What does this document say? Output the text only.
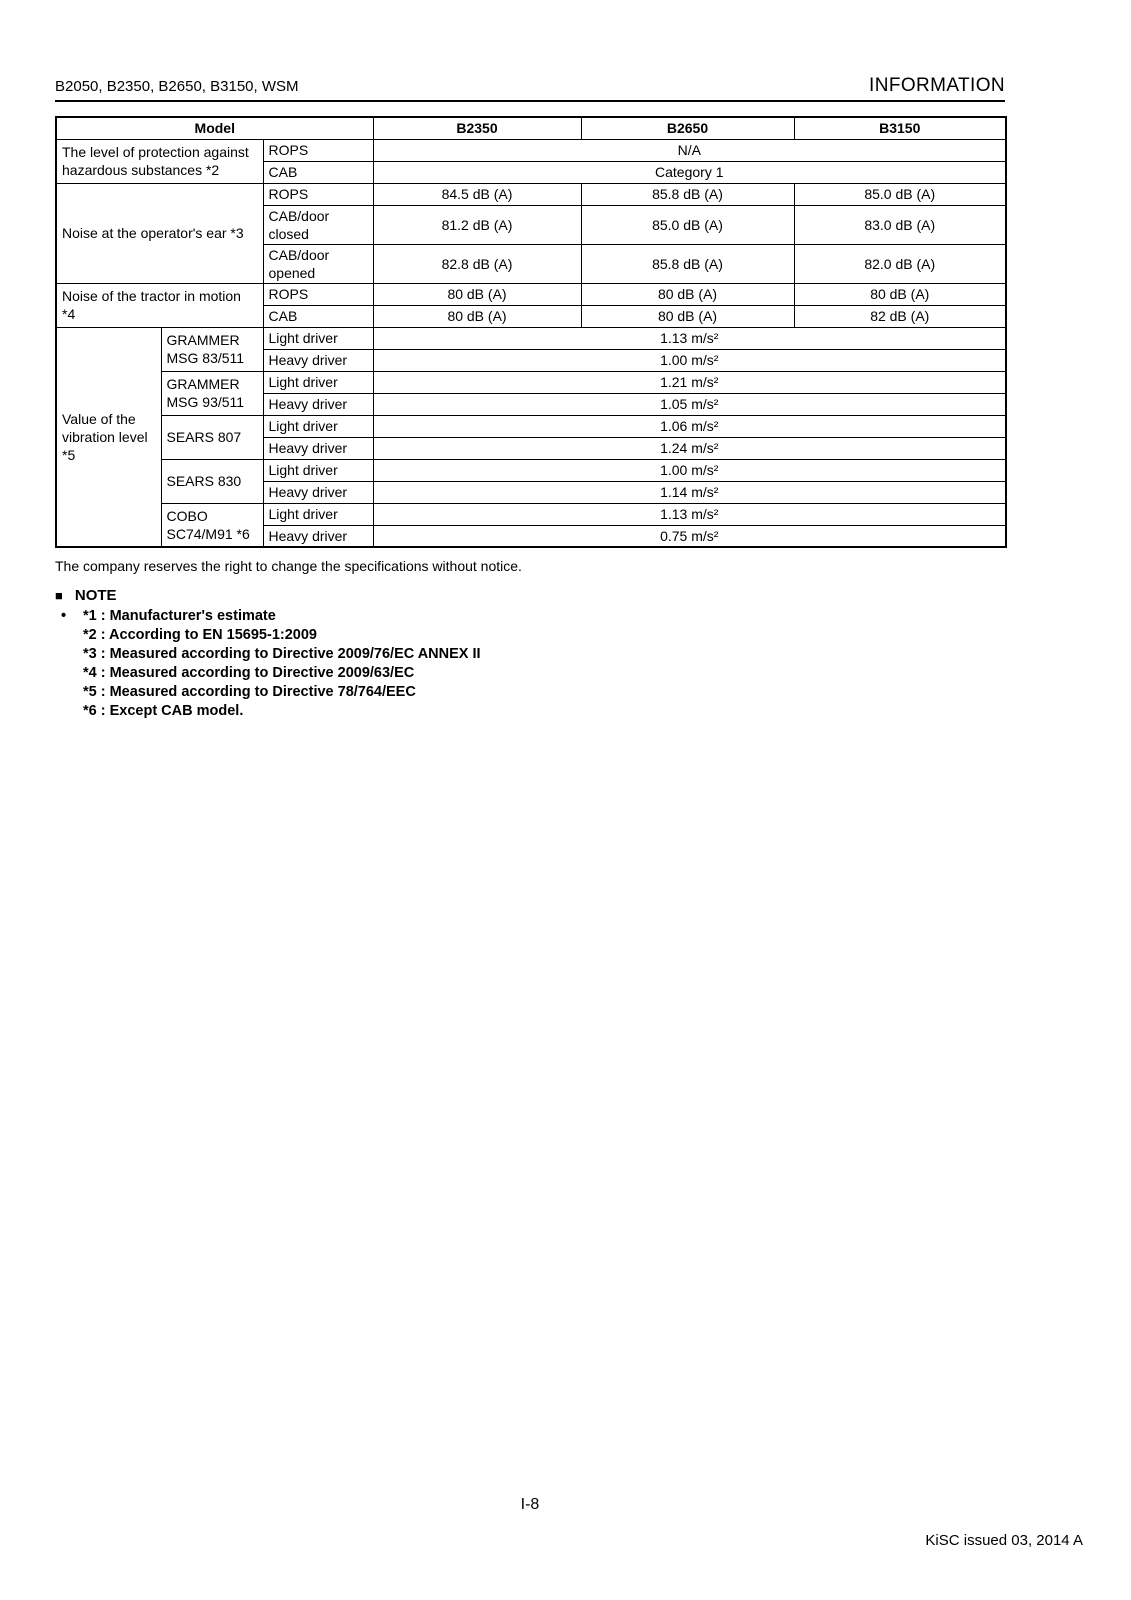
B2050, B2350, B2650, B3150, WSM	INFORMATION
Model			B2350	B2650	B3150
The level of protection against hazardous substances *2		ROPS	N/A		
		CAB	Category 1		
Noise at the operator's ear *3		ROPS	84.5 dB (A)	85.8 dB (A)	85.0 dB (A)
		CAB/door closed	81.2 dB (A)	85.0 dB (A)	83.0 dB (A)
		CAB/door opened	82.8 dB (A)	85.8 dB (A)	82.0 dB (A)
Noise of the tractor in motion *4		ROPS	80 dB (A)	80 dB (A)	80 dB (A)
		CAB	80 dB (A)	80 dB (A)	82 dB (A)
Value of the vibration level *5	GRAMMER MSG 83/511	Light driver	1.13 m/s²		
		Heavy driver	1.00 m/s²		
	GRAMMER MSG 93/511	Light driver	1.21 m/s²		
		Heavy driver	1.05 m/s²		
	SEARS 807	Light driver	1.06 m/s²		
		Heavy driver	1.24 m/s²		
	SEARS 830	Light driver	1.00 m/s²		
		Heavy driver	1.14 m/s²		
	COBO SC74/M91 *6	Light driver	1.13 m/s²		
		Heavy driver	0.75 m/s²		
The company reserves the right to change the specifications without notice.
■ NOTE
• *1 : Manufacturer's estimate
*2 : According to EN 15695-1:2009
*3 : Measured according to Directive 2009/76/EC ANNEX II
*4 : Measured according to Directive 2009/63/EC
*5 : Measured according to Directive 78/764/EEC
*6 : Except CAB model.
I-8
KiSC issued 03, 2014 A
